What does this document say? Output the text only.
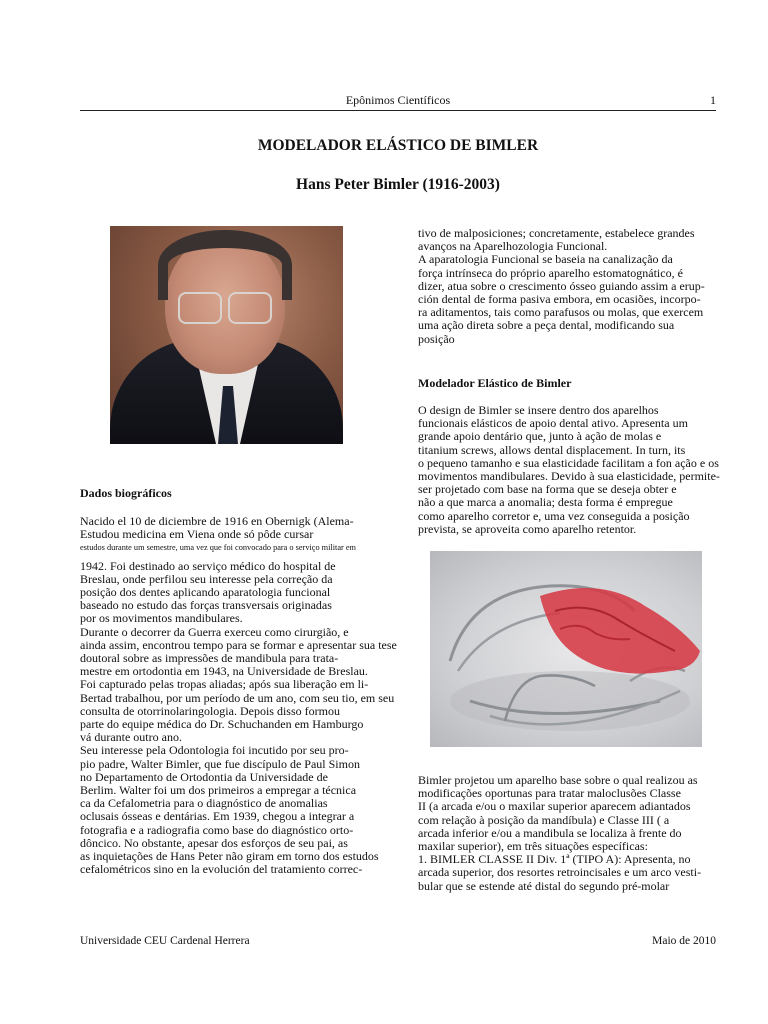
Epônimos Científicos	1
MODELADOR ELÁSTICO DE BIMLER
Hans Peter Bimler (1916-2003)
Dados biográficos
Nacido el 10 de diciembre de 1916 en Obernigk (Alema-
Estudou medicina em Viena onde só pôde cursar
estudos durante um semestre, uma vez que foi convocado para o serviço militar em
1942. Foi destinado ao serviço médico do hospital de
Breslau, onde perfilou seu interesse pela correção da
posição dos dentes aplicando aparatologia funcional
baseado no estudo das forças transversais originadas
por os movimentos mandibulares.
Durante o decorrer da Guerra exerceu como cirurgião, e
ainda assim, encontrou tempo para se formar e apresentar sua tese
doutoral sobre as impressões de mandibula para trata-
mestre em ortodontia em 1943, na Universidade de Breslau.
Foi capturado pelas tropas aliadas; após sua liberação em li-
Bertad trabalhou, por um período de um ano, com seu tio, em seu
consulta de otorrinolaringologia. Depois disso formou
parte do equipe médica do Dr. Schuchanden em Hamburgo
vá durante outro ano.
Seu interesse pela Odontologia foi incutido por seu pro-
pio padre, Walter Bimler, que fue discípulo de Paul Simon
no Departamento de Ortodontia da Universidade de
Berlim. Walter foi um dos primeiros a empregar a técnica
ca da Cefalometria para o diagnóstico de anomalias
oclusais ósseas e dentárias. Em 1939, chegou a integrar a
fotografia e a radiografia como base do diagnóstico orto-
dôncico. No obstante, apesar dos esforços de seu pai, as
as inquietações de Hans Peter não giram em torno dos estudos
cefalométricos sino en la evolución del tratamiento correc-
tivo de malposiciones; concretamente, estabelece grandes
avanços na Aparelhozologia Funcional.
A aparatologia Funcional se baseia na canalização da
força intrínseca do próprio aparelho estomatognático, é
dizer, atua sobre o crescimento ósseo guiando assim a erup-
ción dental de forma pasiva embora, em ocasiões, incorpo-
ra aditamentos, tais como parafusos ou molas, que exercem
uma ação direta sobre a peça dental, modificando sua
posição
Modelador Elástico de Bimler
O design de Bimler se insere dentro dos aparelhos
funcionais elásticos de apoio dental ativo. Apresenta um
grande apoio dentário que, junto à ação de molas e
titanium screws, allows dental displacement. In turn, its
o pequeno tamanho e sua elasticidade facilitam a fon ação e os
movimentos mandibulares. Devido à sua elasticidade, permite-
ser projetado com base na forma que se deseja obter e
não a que marca a anomalia; desta forma é empregue
como aparelho corretor e, uma vez conseguida a posição
prevista, se aproveita como aparelho retentor.
Bimler projetou um aparelho base sobre o qual realizou as
modificações oportunas para tratar maloclusões Classe
II (a arcada e/ou o maxilar superior aparecem adiantados
com relação à posição da mandíbula) e Classe III ( a
arcada inferior e/ou a mandibula se localiza à frente do
maxilar superior), em três situações específicas:
1. BIMLER CLASSE II Div. 1ª (TIPO A): Apresenta, no
arcada superior, dos resortes retroincisales e um arco vesti-
bular que se estende até distal do segundo pré-molar
Universidade CEU Cardenal Herrera	Maio de 2010
